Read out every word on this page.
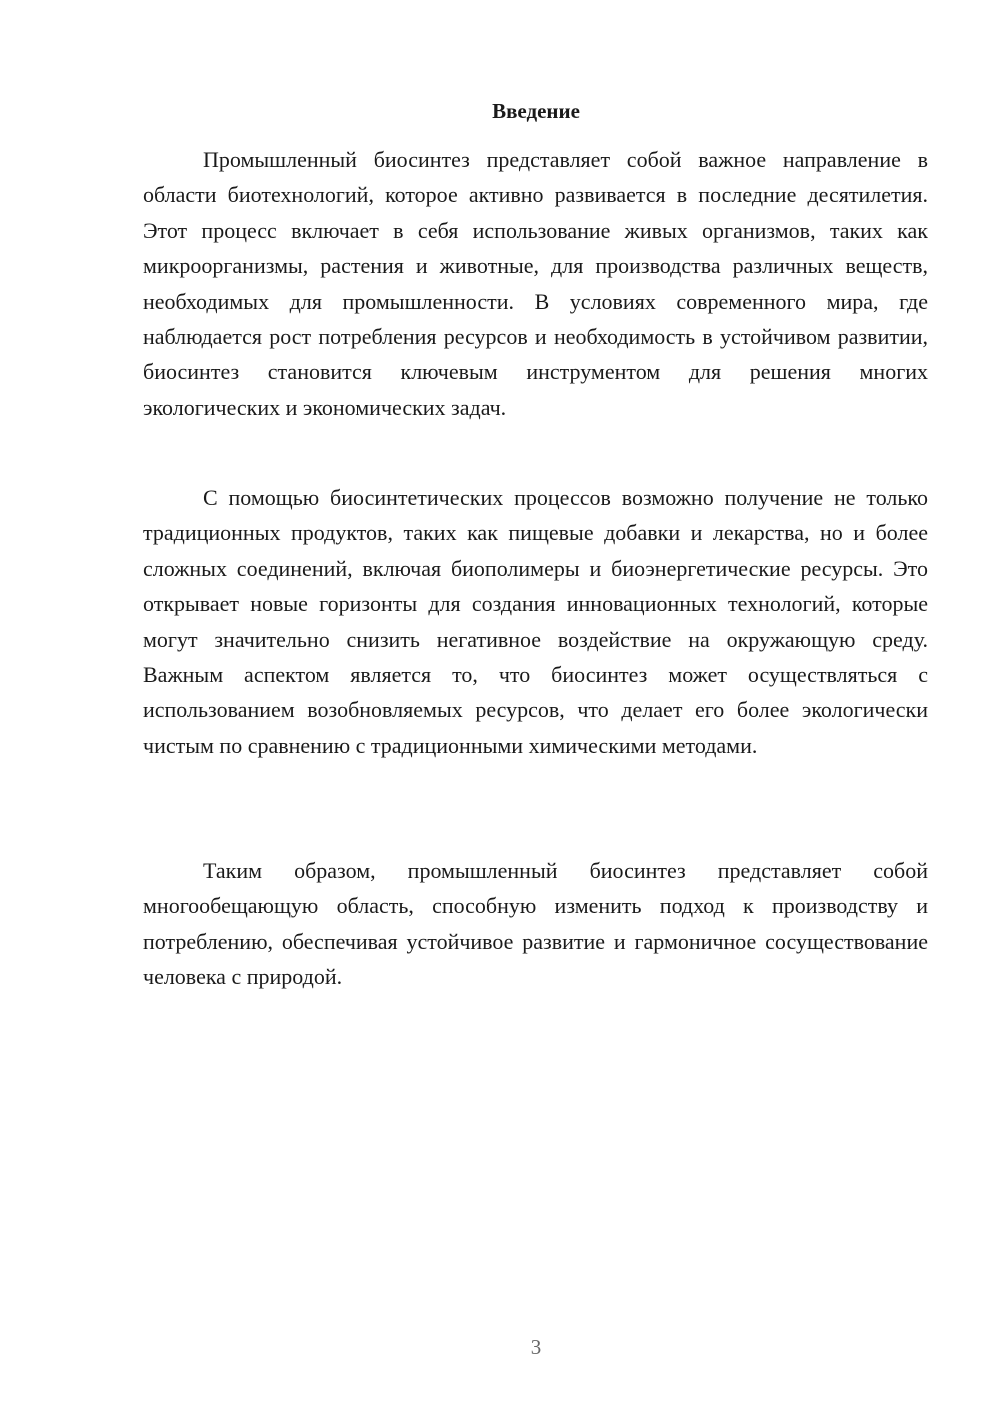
Введение

Промышленный биосинтез представляет собой важное направление в области биотехнологий, которое активно развивается в последние десятилетия. Этот процесс включает в себя использование живых организмов, таких как микроорганизмы, растения и животные, для производства различных веществ, необходимых для промышленности. В условиях современного мира, где наблюдается рост потребления ресурсов и необходимость в устойчивом развитии, биосинтез становится ключевым инструментом для решения многих экологических и экономических задач.

С помощью биосинтетических процессов возможно получение не только традиционных продуктов, таких как пищевые добавки и лекарства, но и более сложных соединений, включая биополимеры и биоэнергетические ресурсы. Это открывает новые горизонты для создания инновационных технологий, которые могут значительно снизить негативное воздействие на окружающую среду. Важным аспектом является то, что биосинтез может осуществляться с использованием возобновляемых ресурсов, что делает его более экологически чистым по сравнению с традиционными химическими методами.

Таким образом, промышленный биосинтез представляет собой многообещающую область, способную изменить подход к производству и потреблению, обеспечивая устойчивое развитие и гармоничное сосуществование человека с природой.

3
